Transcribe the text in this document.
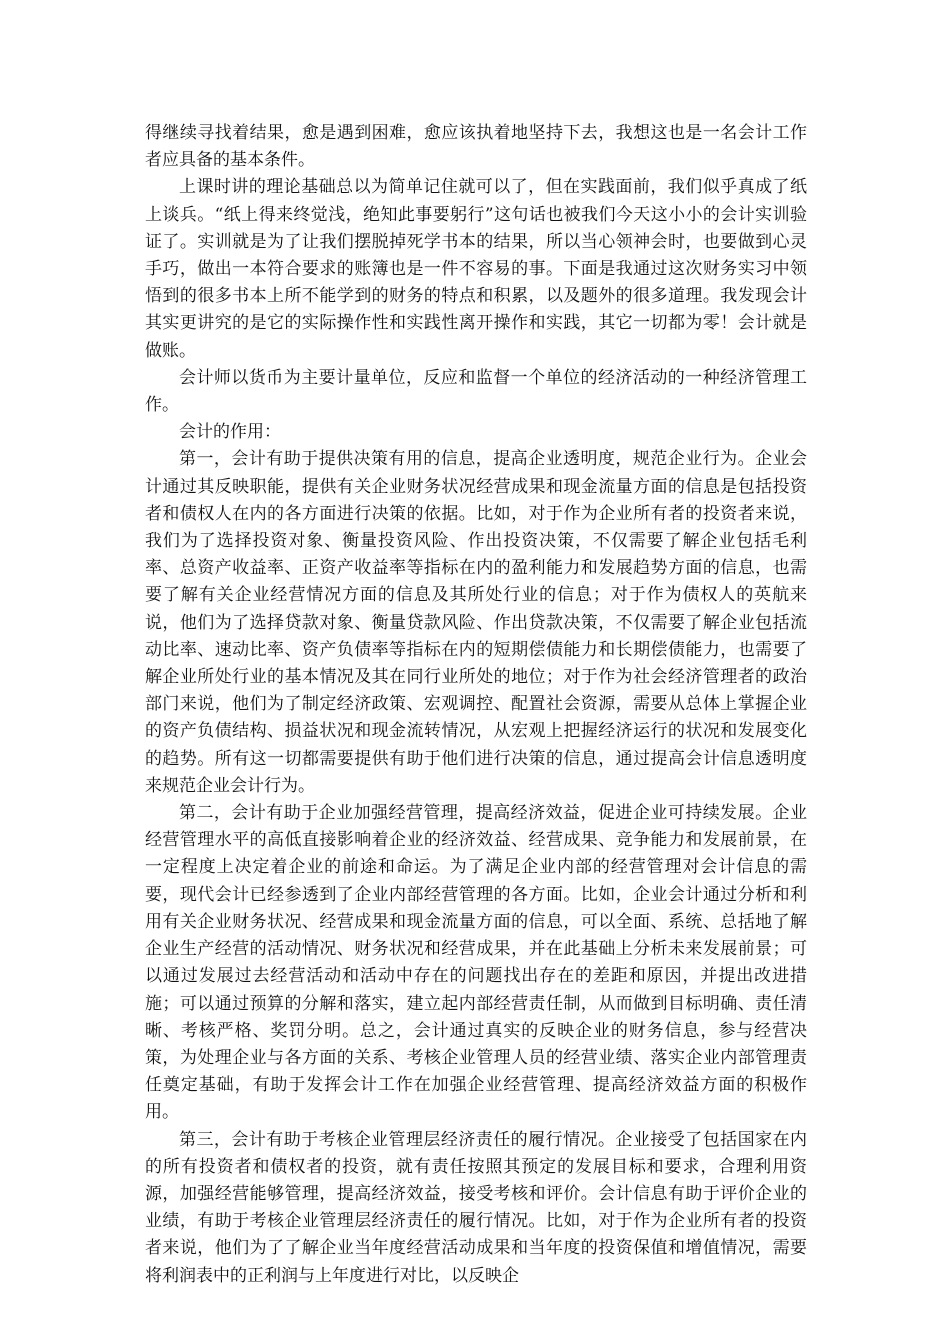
得继续寻找着结果，愈是遇到困难，愈应该执着地坚持下去，我想这也是一名会计工作者应具备的基本条件。

上课时讲的理论基础总以为简单记住就可以了，但在实践面前，我们似乎真成了纸上谈兵。“纸上得来终觉浅，绝知此事要躬行”这句话也被我们今天这小小的会计实训验证了。实训就是为了让我们摆脱掉死学书本的结果，所以当心领神会时，也要做到心灵手巧，做出一本符合要求的账簿也是一件不容易的事。下面是我通过这次财务实习中领悟到的很多书本上所不能学到的财务的特点和积累，以及题外的很多道理。我发现会计其实更讲究的是它的实际操作性和实践性离开操作和实践，其它一切都为零！会计就是做账。

会计师以货币为主要计量单位，反应和监督一个单位的经济活动的一种经济管理工作。

会计的作用：

第一，会计有助于提供决策有用的信息，提高企业透明度，规范企业行为。企业会计通过其反映职能，提供有关企业财务状况经营成果和现金流量方面的信息是包括投资者和债权人在内的各方面进行决策的依据。比如，对于作为企业所有者的投资者来说，我们为了选择投资对象、衡量投资风险、作出投资决策，不仅需要了解企业包括毛利率、总资产收益率、正资产收益率等指标在内的盈利能力和发展趋势方面的信息，也需要了解有关企业经营情况方面的信息及其所处行业的信息；对于作为债权人的英航来说，他们为了选择贷款对象、衡量贷款风险、作出贷款决策，不仅需要了解企业包括流动比率、速动比率、资产负债率等指标在内的短期偿债能力和长期偿债能力，也需要了解企业所处行业的基本情况及其在同行业所处的地位；对于作为社会经济管理者的政治部门来说，他们为了制定经济政策、宏观调控、配置社会资源，需要从总体上掌握企业的资产负债结构、损益状况和现金流转情况，从宏观上把握经济运行的状况和发展变化的趋势。所有这一切都需要提供有助于他们进行决策的信息，通过提高会计信息透明度来规范企业会计行为。

第二，会计有助于企业加强经营管理，提高经济效益，促进企业可持续发展。企业经营管理水平的高低直接影响着企业的经济效益、经营成果、竞争能力和发展前景，在一定程度上决定着企业的前途和命运。为了满足企业内部的经营管理对会计信息的需要，现代会计已经参透到了企业内部经营管理的各方面。比如，企业会计通过分析和利用有关企业财务状况、经营成果和现金流量方面的信息，可以全面、系统、总括地了解企业生产经营的活动情况、财务状况和经营成果，并在此基础上分析未来发展前景；可以通过发展过去经营活动和活动中存在的问题找出存在的差距和原因，并提出改进措施；可以通过预算的分解和落实，建立起内部经营责任制，从而做到目标明确、责任清晰、考核严格、奖罚分明。总之，会计通过真实的反映企业的财务信息，参与经营决策，为处理企业与各方面的关系、考核企业管理人员的经营业绩、落实企业内部管理责任奠定基础，有助于发挥会计工作在加强企业经营管理、提高经济效益方面的积极作用。

第三，会计有助于考核企业管理层经济责任的履行情况。企业接受了包括国家在内的所有投资者和债权者的投资，就有责任按照其预定的发展目标和要求，合理利用资源，加强经营能够管理，提高经济效益，接受考核和评价。会计信息有助于评价企业的业绩，有助于考核企业管理层经济责任的履行情况。比如，对于作为企业所有者的投资者来说，他们为了了解企业当年度经营活动成果和当年度的投资保值和增值情况，需要将利润表中的正利润与上年度进行对比，以反映企
